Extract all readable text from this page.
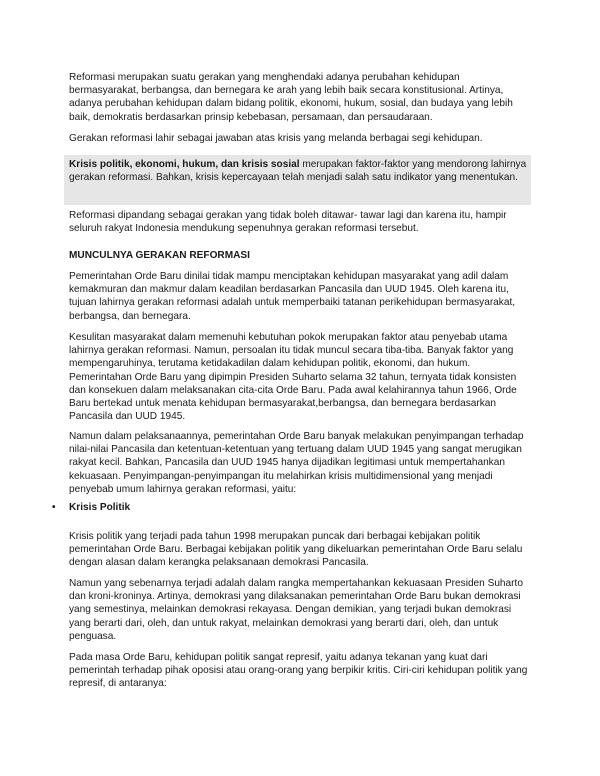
Reformasi merupakan suatu gerakan yang menghendaki adanya perubahan kehidupan bermasyarakat, berbangsa, dan bernegara ke arah yang lebih baik secara konstitusional. Artinya, adanya perubahan kehidupan dalam bidang politik, ekonomi, hukum, sosial, dan budaya yang lebih baik, demokratis berdasarkan prinsip kebebasan, persamaan, dan persaudaraan.

Gerakan reformasi lahir sebagai jawaban atas krisis yang melanda berbagai segi kehidupan.

Krisis politik, ekonomi, hukum, dan krisis sosial merupakan faktor-faktor yang mendorong lahirnya gerakan reformasi. Bahkan, krisis kepercayaan telah menjadi salah satu indikator yang menentukan.

Reformasi dipandang sebagai gerakan yang tidak boleh ditawar- tawar lagi dan karena itu, hampir seluruh rakyat Indonesia mendukung sepenuhnya gerakan reformasi tersebut.

MUNCULNYA GERAKAN REFORMASI

Pemerintahan Orde Baru dinilai tidak mampu menciptakan kehidupan masyarakat yang adil dalam kemakmuran dan makmur dalam keadilan berdasarkan Pancasila dan UUD 1945. Oleh karena itu, tujuan lahirnya gerakan reformasi adalah untuk memperbaiki tatanan perikehidupan bermasyarakat, berbangsa, dan bernegara.

Kesulitan masyarakat dalam memenuhi kebutuhan pokok merupakan faktor atau penyebab utama lahirnya gerakan reformasi. Namun, persoalan itu tidak muncul secara tiba-tiba. Banyak faktor yang mempengaruhinya, terutama ketidakadilan dalam kehidupan politik, ekonomi, dan hukum. Pemerintahan Orde Baru yang dipimpin Presiden Suharto selama 32 tahun, ternyata tidak konsisten dan konsekuen dalam melaksanakan cita-cita Orde Baru. Pada awal kelahirannya tahun 1966, Orde Baru bertekad untuk menata kehidupan bermasyarakat,berbangsa, dan bernegara berdasarkan Pancasila dan UUD 1945.

Namun dalam pelaksanaannya, pemerintahan Orde Baru banyak melakukan penyimpangan terhadap nilai-nilai Pancasila dan ketentuan-ketentuan yang tertuang dalam UUD 1945 yang sangat merugikan rakyat kecil. Bahkan, Pancasila dan UUD 1945 hanya dijadikan legitimasi untuk mempertahankan kekuasaan. Penyimpangan-penyimpangan itu melahirkan krisis multidimensional yang menjadi penyebab umum lahirnya gerakan reformasi, yaitu:

• Krisis Politik

Krisis politik yang terjadi pada tahun 1998 merupakan puncak dari berbagai kebijakan politik pemerintahan Orde Baru. Berbagai kebijakan politik yang dikeluarkan pemerintahan Orde Baru selalu dengan alasan dalam kerangka pelaksanaan demokrasi Pancasila.

Namun yang sebenarnya terjadi adalah dalam rangka mempertahankan kekuasaan Presiden Suharto dan kroni-kroninya. Artinya, demokrasi yang dilaksanakan pemerintahan Orde Baru bukan demokrasi yang semestinya, melainkan demokrasi rekayasa. Dengan demikian, yang terjadi bukan demokrasi yang berarti dari, oleh, dan untuk rakyat, melainkan demokrasi yang berarti dari, oleh, dan untuk penguasa.

Pada masa Orde Baru, kehidupan politik sangat represif, yaitu adanya tekanan yang kuat dari pemerintah terhadap pihak oposisi atau orang-orang yang berpikir kritis. Ciri-ciri kehidupan politik yang represif, di antaranya:
